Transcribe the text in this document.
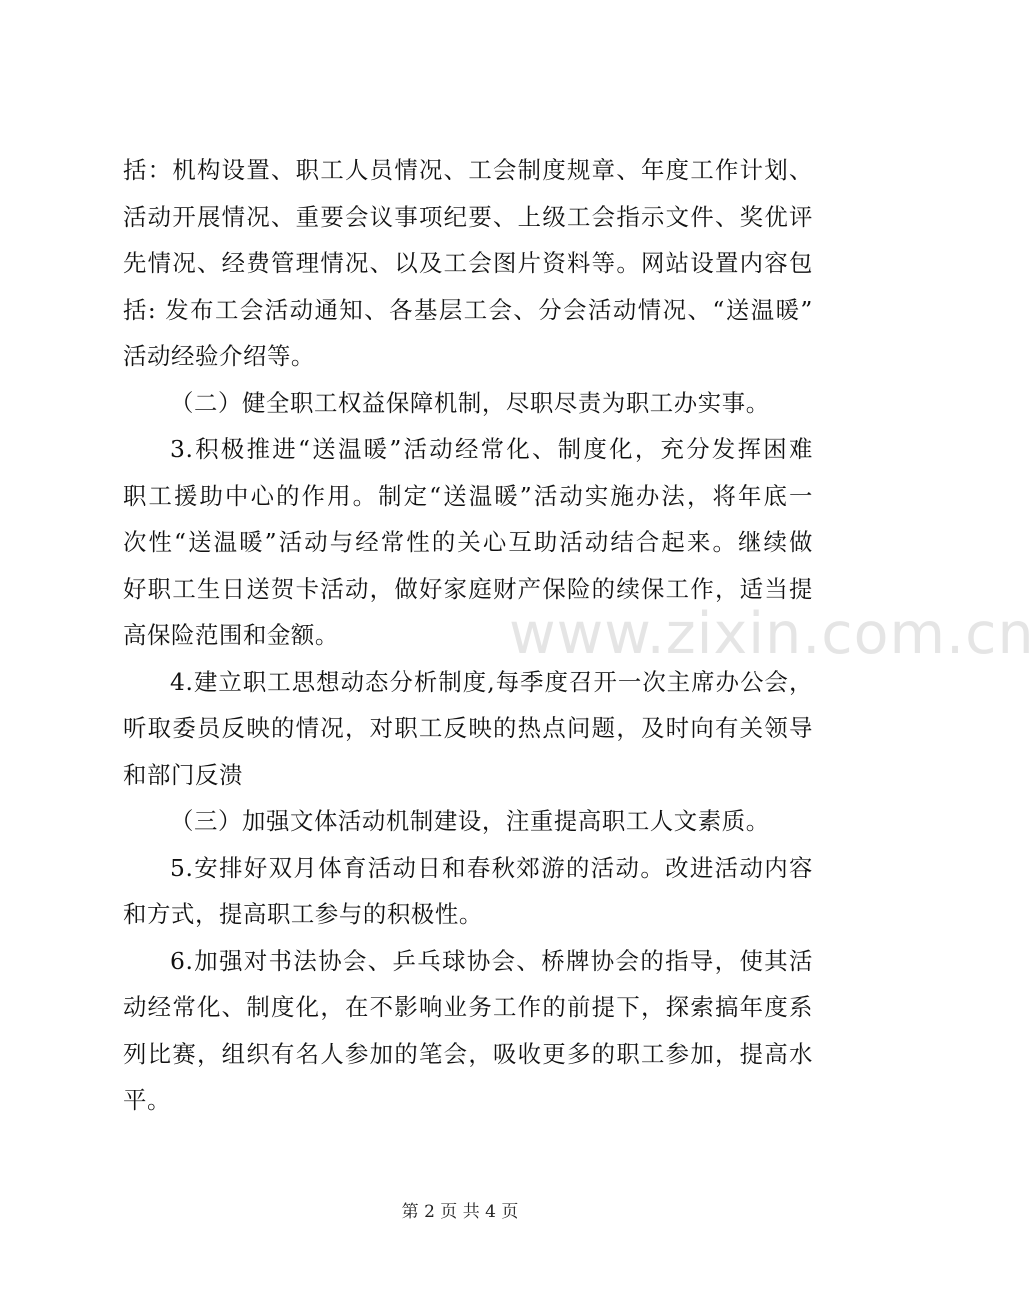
括：机构设置、职工人员情况、工会制度规章、年度工作计划、
活动开展情况、重要会议事项纪要、上级工会指示文件、奖优评
先情况、经费管理情况、以及工会图片资料等。网站设置内容包
括: 发布工会活动通知、各基层工会、分会活动情况、“送温暖”
活动经验介绍等。
（二）健全职工权益保障机制，尽职尽责为职工办实事。
3.积极推进“送温暖”活动经常化、制度化，充分发挥困难
职工援助中心的作用。制定“送温暖”活动实施办法，将年底一
次性“送温暖”活动与经常性的关心互助活动结合起来。继续做
好职工生日送贺卡活动，做好家庭财产保险的续保工作，适当提
高保险范围和金额。
4.建立职工思想动态分析制度,每季度召开一次主席办公会，
听取委员反映的情况，对职工反映的热点问题，及时向有关领导
和部门反溃
（三）加强文体活动机制建设，注重提高职工人文素质。
5.安排好双月体育活动日和春秋郊游的活动。改进活动内容
和方式，提高职工参与的积极性。
6.加强对书法协会、乒乓球协会、桥牌协会的指导，使其活
动经常化、制度化，在不影响业务工作的前提下，探索搞年度系
列比赛，组织有名人参加的笔会，吸收更多的职工参加，提高水
平。
www.zixin.com.cn
第 2 页 共 4 页
